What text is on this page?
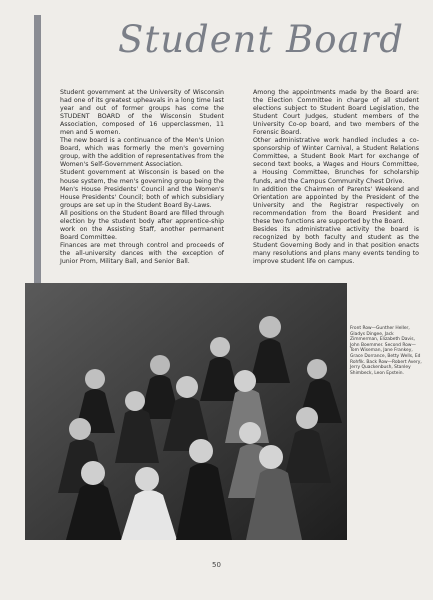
Student Board

Student government at the University of Wisconsin had one of its greatest upheavals in a long time last year and out of former groups has come the STUDENT BOARD of the Wisconsin Student Association, composed of 16 upperclassmen, 11 men and 5 women.

The new board is a continuance of the Men's Union Board, which was formerly the men's governing group, with the addition of representatives from the Women's Self-Government Association.

Student government at Wisconsin is based on the house system, the men's governing group being the Men's House Presidents' Council and the Women's House Presidents' Council; both of which subsidiary groups are set up in the Student Board By-Laws.

All positions on the Student Board are filled through election by the student body after apprentice-ship work on the Assisting Staff, another permanent Board Committee.

Finances are met through control and proceeds of the all-university dances with the exception of Junior Prom, Military Ball, and Senior Ball.

Among the appointments made by the Board are: the Election Committee in charge of all student elections subject to Student Board Legislation, the Student Court Judges, student members of the University Co-op board, and two members of the Forensic Board.

Other administrative work handled includes a co-sponsorship of Winter Carnival, a Student Relations Committee, a Student Book Mart for exchange of second text books, a Wages and Hours Committee, a Housing Committee, Brunches for scholarship funds, and the Campus Community Chest Drive.

In addition the Chairmen of Parents' Weekend and Orientation are appointed by the President of the University and the Registrar respectively on recommendation from the Board President and these two functions are supported by the Board.

Besides its administrative activity the board is recognized by both faculty and student as the Student Governing Body and in that position enacts many resolutions and plans many events tending to improve student life on campus.

Front Row—Gunther Heller, Gladys Dingee, Jack Zimmerman, Elizabeth Davis, John Boemmer. Second Row—Tom Wiseman, Jane Frankey, Grace Dorrance, Betty Wells, Ed Rohfik. Back Row—Robert Avery, Jerry Quackenbush, Stanley Shimbeck, Leon Epstein.
50
